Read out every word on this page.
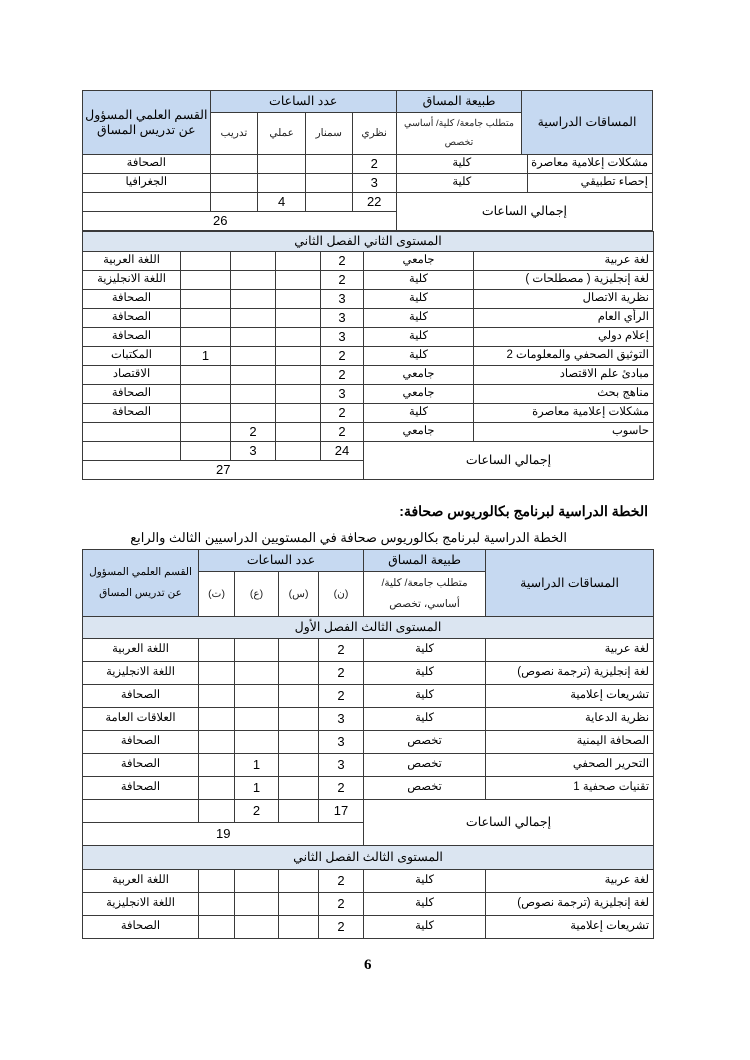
المساقات الدراسية		طبيعة المساق	عدد الساعات				القسم العلمي المسؤول عن تدريس المساق
		متطلب جامعة/ كلية/ أساسي تخصص	نظري	سمنار	عملي	تدريب	
مشكلات إعلامية معاصرة	كلية		2				الصحافة
إحصاء تطبيقي	كلية		3				الجغرافيا
إجمالي الساعات			22		4		
			26				
المستوى الثاني الفصل الثاني						
لغة عربية	جامعي	2				اللغة العربية
لغة إنجليزية ( مصطلحات )	كلية	2				اللغة الانجليزية
نظرية الاتصال	كلية	3				الصحافة
الرأي العام	كلية	3				الصحافة
إعلام دولي	كلية	3				الصحافة
التوثيق الصحفي والمعلومات 2	كلية	2			1	المكتبات
مبادئ علم الاقتصاد	جامعي	2				الاقتصاد
مناهج بحث	جامعي	3				الصحافة
مشكلات إعلامية معاصرة	كلية	2				الصحافة
حاسوب	جامعي	2		2		
إجمالي الساعات		24		3		
		27				
الخطة الدراسية لبرنامج بكالوريوس صحافة:
الخطة الدراسية لبرنامج بكالوريوس صحافة في المستويين الدراسيين الثالث والرابع
المساقات الدراسية	طبيعة المساق	عدد الساعات				القسم العلمي المسؤول عن تدريس المساق
	متطلب جامعة/ كلية/ أساسي، تخصص	(ن)	(س)	(ع)	(ت)	
المستوى الثالث الفصل الأول						
لغة عربية	كلية	2				اللغة العربية
لغة إنجليزية (ترجمة نصوص)	كلية	2				اللغة الانجليزية
تشريعات إعلامية	كلية	2				الصحافة
نظرية الدعاية	كلية	3				العلاقات العامة
الصحافة اليمنية	تخصص	3				الصحافة
التحرير الصحفي	تخصص	3		1		الصحافة
تقنيات صحفية 1	تخصص	2		1		الصحافة
إجمالي الساعات		17		2		
		19				
المستوى الثالث الفصل الثاني						
لغة عربية	كلية	2				اللغة العربية
لغة إنجليزية (ترجمة نصوص)	كلية	2				اللغة الانجليزية
تشريعات إعلامية	كلية	2				الصحافة
6
